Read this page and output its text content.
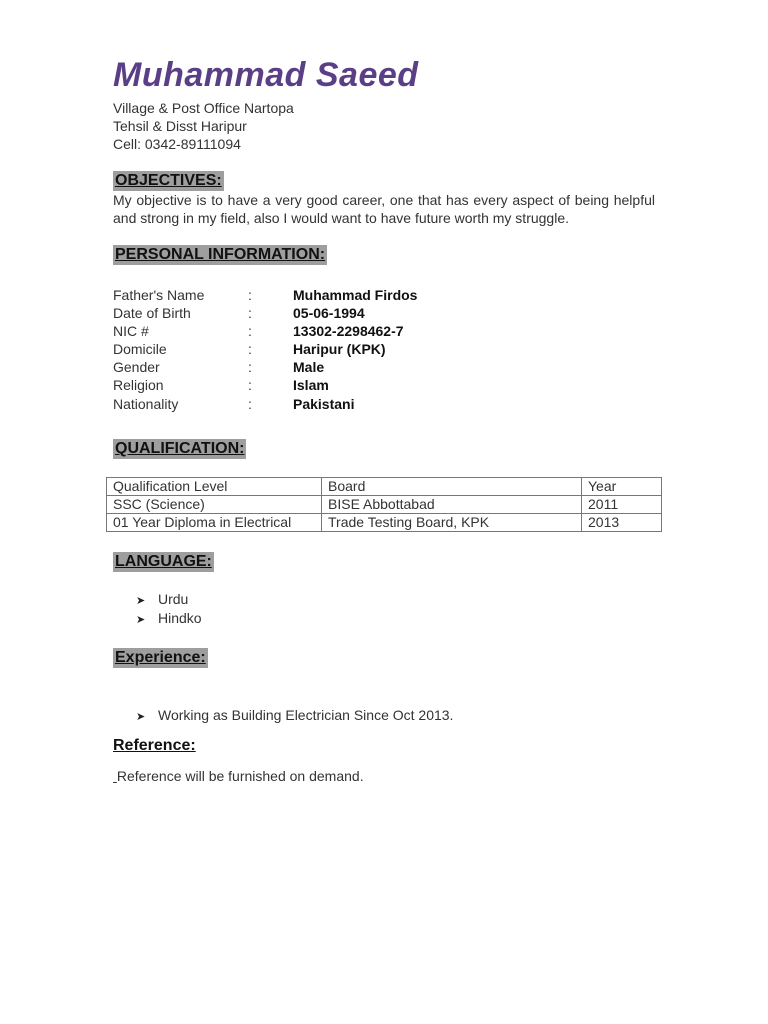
Muhammad Saeed
Village & Post Office Nartopa
Tehsil & Disst Haripur
Cell: 0342-89111094
OBJECTIVES:
My objective is to have a very good career, one that has every aspect of being helpful and strong in my field, also I would want to have future worth my struggle.
PERSONAL INFORMATION:
Father's Name	:	Muhammad Firdos
Date of Birth	:	05-06-1994
NIC #	:	13302-2298462-7
Domicile	:	Haripur (KPK)
Gender	:	Male
Religion	:	Islam
Nationality	:	Pakistani
QUALIFICATION:
Qualification Level	Board	Year
SSC (Science)	BISE Abbottabad	2011
01 Year Diploma in Electrical	Trade Testing Board, KPK	2013
LANGUAGE:
➤ Urdu
➤ Hindko
Experience:
➤ Working as Building Electrician Since Oct 2013.
Reference:
Reference will be furnished on demand.
